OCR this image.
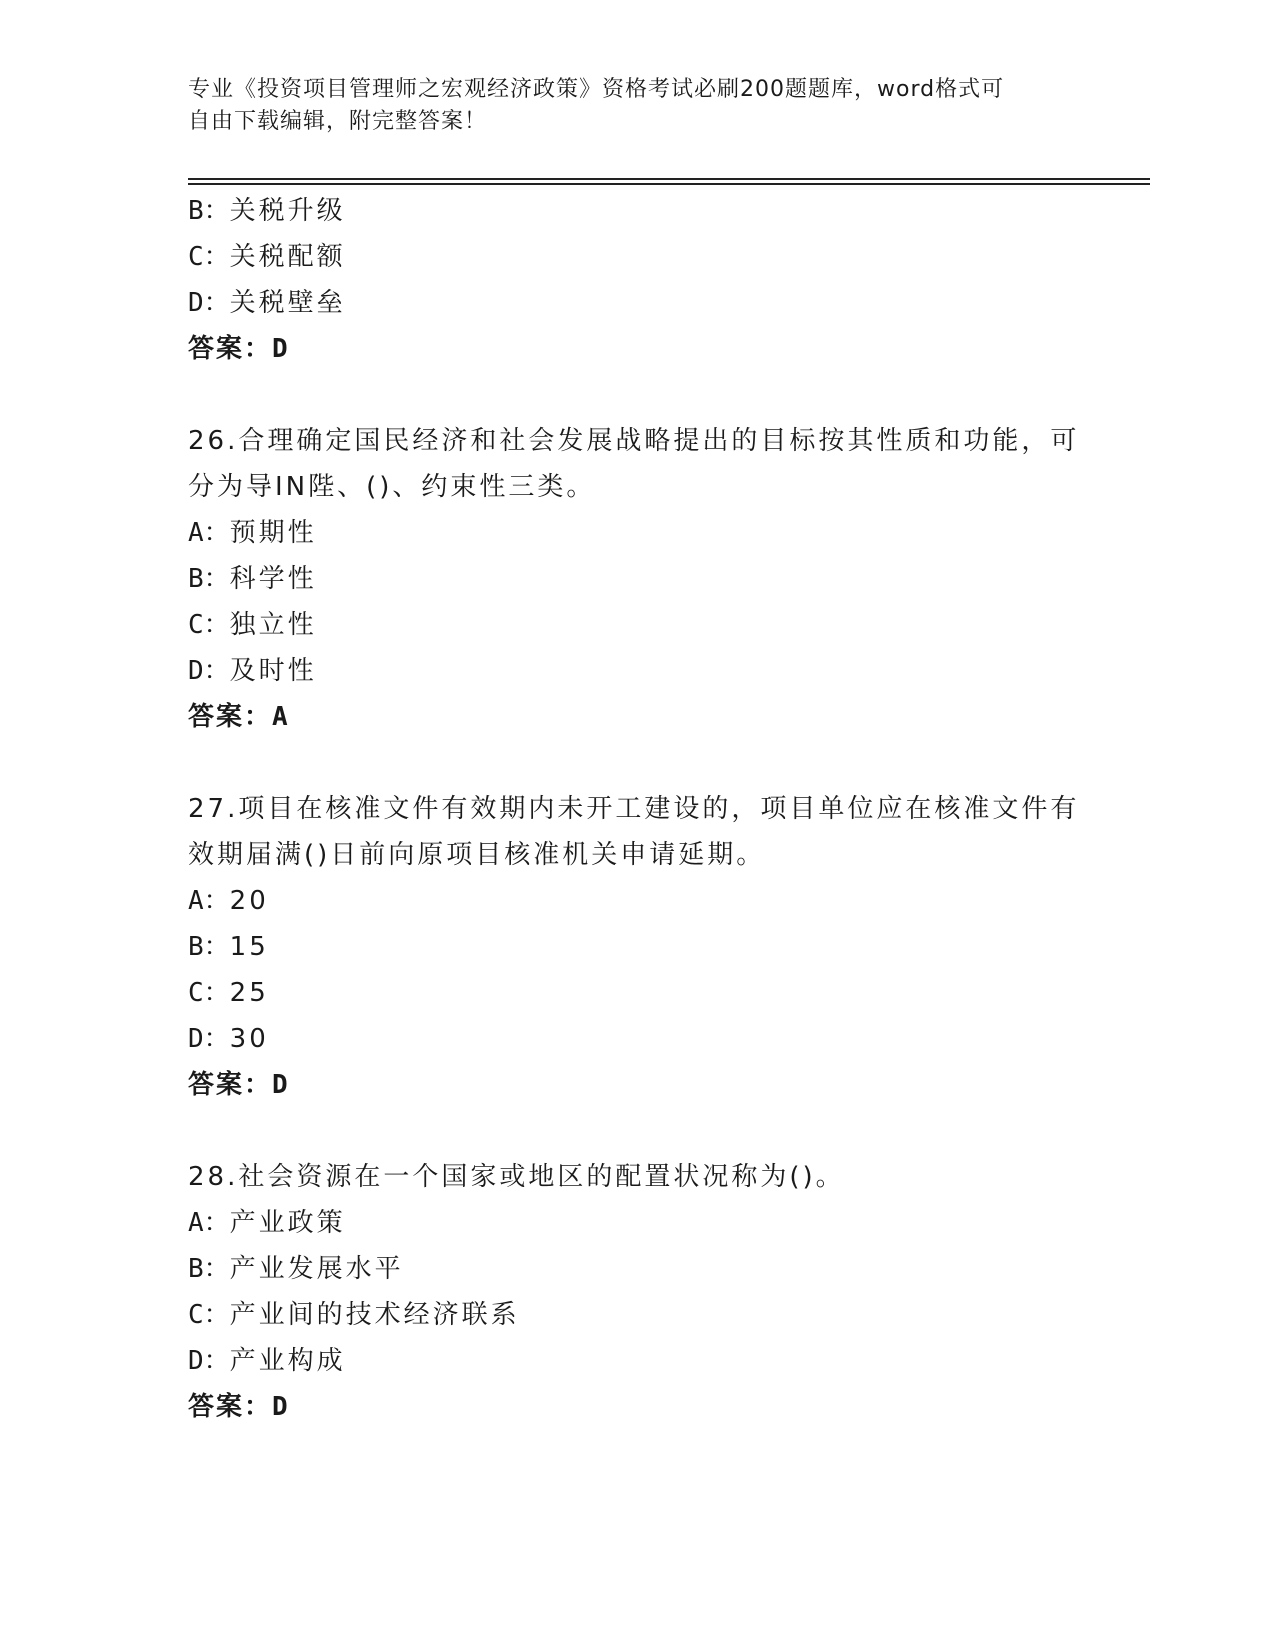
专业《投资项目管理师之宏观经济政策》资格考试必刷200题题库，word格式可
自由下载编辑，附完整答案！
B：关税升级
C：关税配额
D：关税壁垒
答案：D
26.合理确定国民经济和社会发展战略提出的目标按其性质和功能，可
分为导IN陛、()、约束性三类。
A：预期性
B：科学性
C：独立性
D：及时性
答案：A
27.项目在核准文件有效期内未开工建设的，项目单位应在核准文件有
效期届满()日前向原项目核准机关申请延期。
A：20
B：15
C：25
D：30
答案：D
28.社会资源在一个国家或地区的配置状况称为()。
A：产业政策
B：产业发展水平
C：产业间的技术经济联系
D：产业构成
答案：D
